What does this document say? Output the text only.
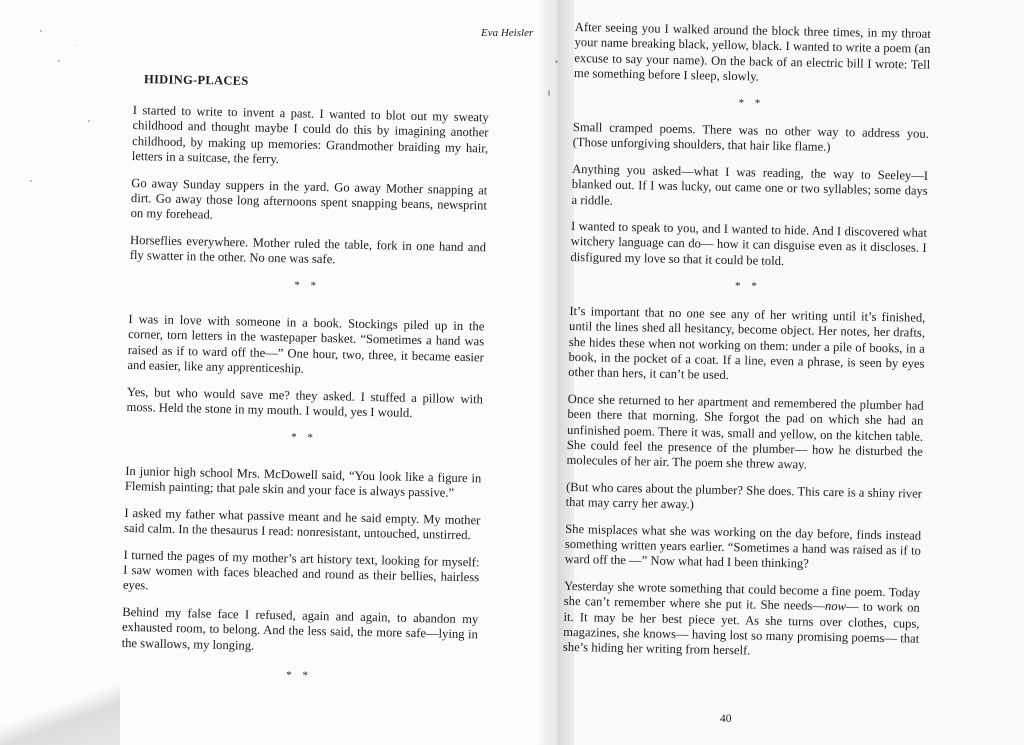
Eva Heisler
HIDING-PLACES

I started to write to invent a past. I wanted to blot out my sweaty childhood and thought maybe I could do this by imagining another childhood, by making up memories: Grandmother braiding my hair, letters in a suitcase, the ferry.

Go away Sunday suppers in the yard. Go away Mother snapping at dirt. Go away those long afternoons spent snapping beans, newsprint on my forehead.

Horseflies everywhere. Mother ruled the table, fork in one hand and fly swatter in the other. No one was safe.

* *

I was in love with someone in a book. Stockings piled up in the corner, torn letters in the wastepaper basket. “Sometimes a hand was raised as if to ward off the—” One hour, two, three, it became easier and easier, like any apprenticeship.

Yes, but who would save me? they asked. I stuffed a pillow with moss. Held the stone in my mouth. I would, yes I would.

* *

In junior high school Mrs. McDowell said, “You look like a figure in Flemish painting; that pale skin and your face is always passive.”

I asked my father what passive meant and he said empty. My mother said calm. In the thesaurus I read: nonresistant, untouched, unstirred.

I turned the pages of my mother’s art history text, looking for myself: I saw women with faces bleached and round as their bellies, hairless eyes.

Behind my false face I refused, again and again, to abandon my exhausted room, to belong. And the less said, the more safe—lying in the swallows, my longing.

* *

After seeing you I walked around the block three times, in my throat your name breaking black, yellow, black. I wanted to write a poem (an excuse to say your name). On the back of an electric bill I wrote: Tell me something before I sleep, slowly.

* *

Small cramped poems. There was no other way to address you. (Those unforgiving shoulders, that hair like flame.)

Anything you asked—what I was reading, the way to Seeley—I blanked out. If I was lucky, out came one or two syllables; some days a riddle.

I wanted to speak to you, and I wanted to hide. And I discovered what witchery language can do— how it can disguise even as it discloses. I disfigured my love so that it could be told.

* *

It’s important that no one see any of her writing until it’s finished, until the lines shed all hesitancy, become object. Her notes, her drafts, she hides these when not working on them: under a pile of books, in a book, in the pocket of a coat. If a line, even a phrase, is seen by eyes other than hers, it can’t be used.

Once she returned to her apartment and remembered the plumber had been there that morning. She forgot the pad on which she had an unfinished poem. There it was, small and yellow, on the kitchen table. She could feel the presence of the plumber— how he disturbed the molecules of her air. The poem she threw away.

(But who cares about the plumber? She does. This care is a shiny river that may carry her away.)

She misplaces what she was working on the day before, finds instead something written years earlier. “Sometimes a hand was raised as if to ward off the —” Now what had I been thinking?

Yesterday she wrote something that could become a fine poem. Today she can’t remember where she put it. She needs—now— to work on it. It may be her best piece yet. As she turns over clothes, cups, magazines, she knows— having lost so many promising poems— that she’s hiding her writing from herself.

40
